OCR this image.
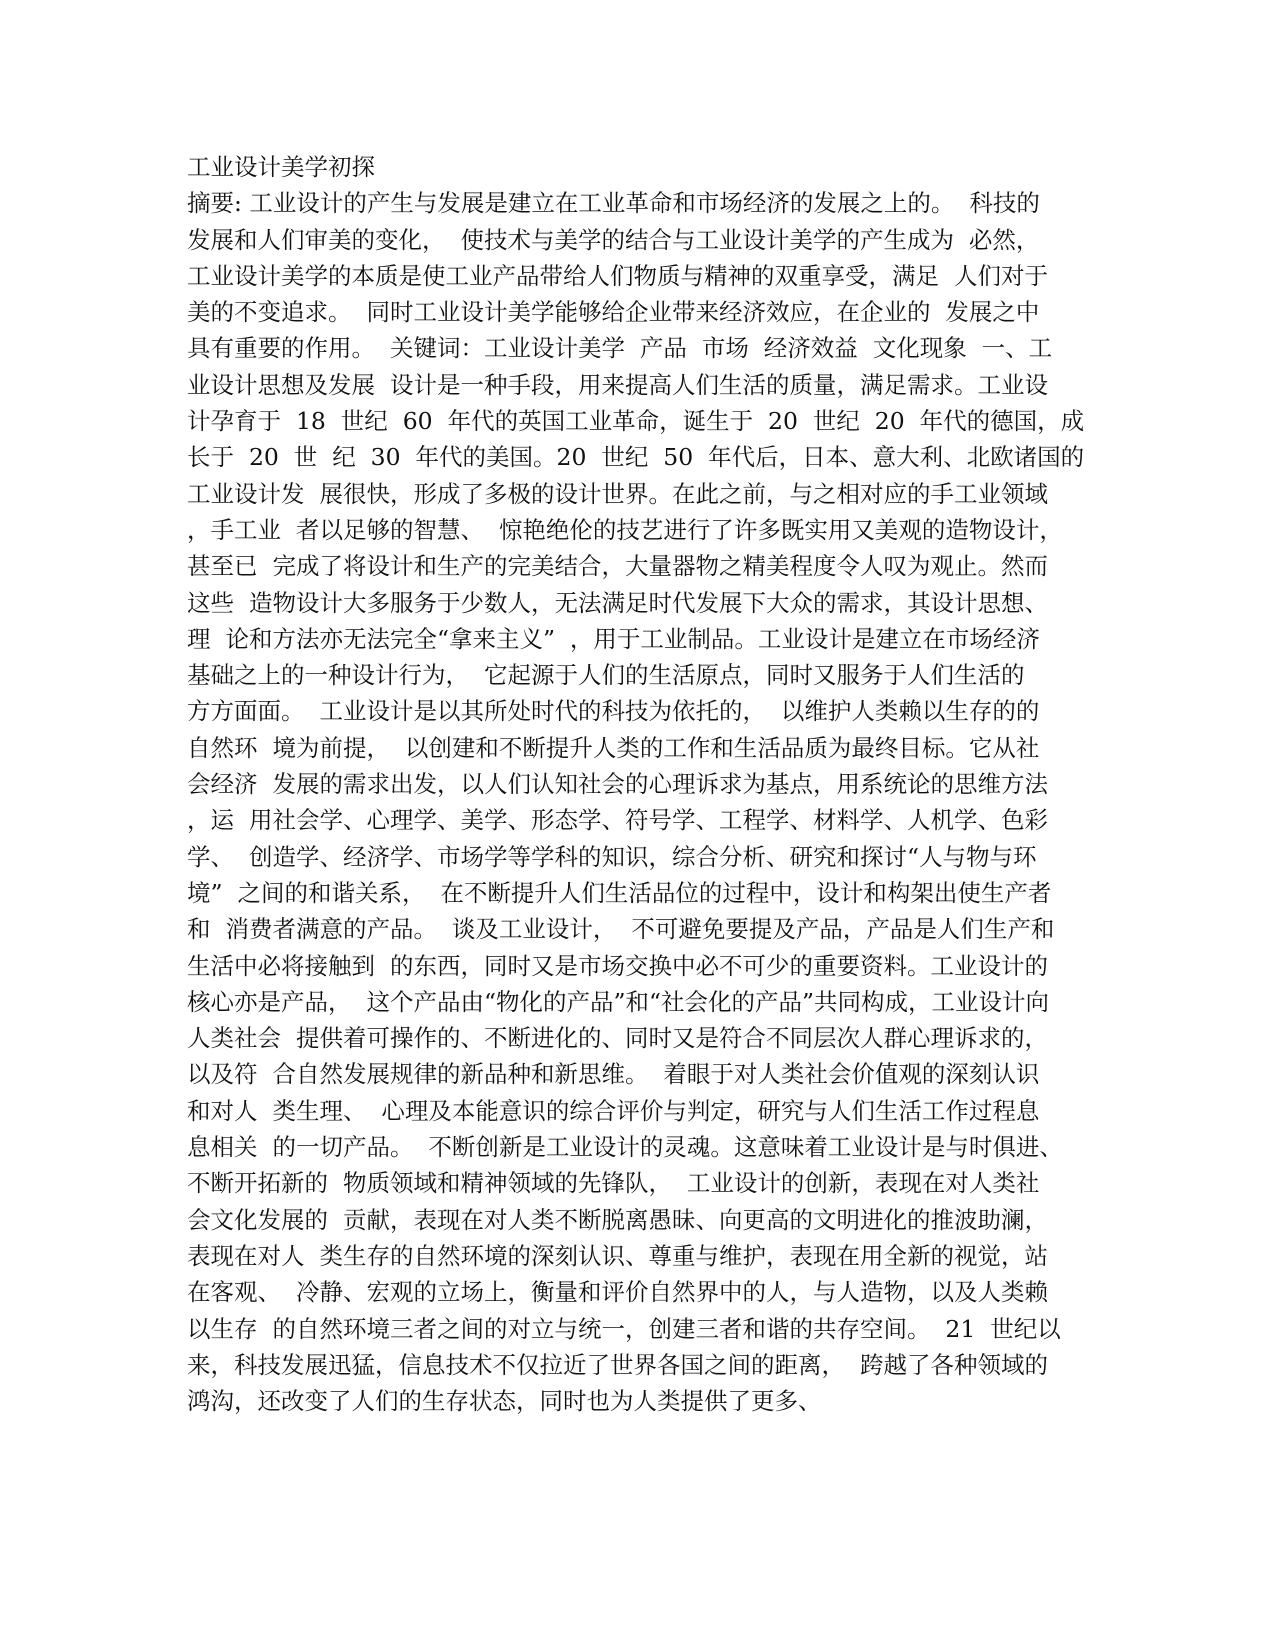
工业设计美学初探
摘要: 工业设计的产生与发展是建立在工业革命和市场经济的发展之上的。  科技的
发展和人们审美的变化，  使技术与美学的结合与工业设计美学的产生成为  必然，
工业设计美学的本质是使工业产品带给人们物质与精神的双重享受，满足  人们对于
美的不变追求。  同时工业设计美学能够给企业带来经济效应，在企业的  发展之中
具有重要的作用。  关键词：工业设计美学  产品  市场  经济效益  文化现象  一、工
业设计思想及发展  设计是一种手段，用来提高人们生活的质量，满足需求。工业设
计孕育于  18  世纪  60  年代的英国工业革命，诞生于  20  世纪  20  年代的德国，成
长于  20  世  纪  30  年代的美国。20  世纪  50  年代后，日本、意大利、北欧诸国的
工业设计发  展很快，形成了多极的设计世界。在此之前，与之相对应的手工业领域
，手工业  者以足够的智慧、  惊艳绝伦的技艺进行了许多既实用又美观的造物设计，
甚至已  完成了将设计和生产的完美结合，大量器物之精美程度令人叹为观止。然而
这些  造物设计大多服务于少数人，无法满足时代发展下大众的需求，其设计思想、
理  论和方法亦无法完全“拿来主义”  ，用于工业制品。工业设计是建立在市场经济
基础之上的一种设计行为，  它起源于人们的生活原点，同时又服务于人们生活的
方方面面。  工业设计是以其所处时代的科技为依托的，  以维护人类赖以生存的的
自然环  境为前提，  以创建和不断提升人类的工作和生活品质为最终目标。它从社
会经济  发展的需求出发，以人们认知社会的心理诉求为基点，用系统论的思维方法
，运  用社会学、心理学、美学、形态学、符号学、工程学、材料学、人机学、色彩
学、  创造学、经济学、市场学等学科的知识，综合分析、研究和探讨“人与物与环
境”  之间的和谐关系，  在不断提升人们生活品位的过程中，设计和构架出使生产者
和  消费者满意的产品。  谈及工业设计，  不可避免要提及产品，产品是人们生产和
生活中必将接触到  的东西，同时又是市场交换中必不可少的重要资料。工业设计的
核心亦是产品，  这个产品由“物化的产品”和“社会化的产品”共同构成，工业设计向
人类社会  提供着可操作的、不断进化的、同时又是符合不同层次人群心理诉求的，
以及符  合自然发展规律的新品种和新思维。  着眼于对人类社会价值观的深刻认识
和对人  类生理、  心理及本能意识的综合评价与判定，研究与人们生活工作过程息
息相关  的一切产品。  不断创新是工业设计的灵魂。这意味着工业设计是与时俱进、
不断开拓新的  物质领域和精神领域的先锋队，  工业设计的创新，表现在对人类社
会文化发展的  贡献，表现在对人类不断脱离愚昧、向更高的文明进化的推波助澜，
表现在对人  类生存的自然环境的深刻认识、尊重与维护，表现在用全新的视觉，站
在客观、  冷静、宏观的立场上，衡量和评价自然界中的人，与人造物，以及人类赖
以生存  的自然环境三者之间的对立与统一，创建三者和谐的共存空间。  21  世纪以
来，科技发展迅猛，信息技术不仅拉近了世界各国之间的距离，  跨越了各种领域的
鸿沟，还改变了人们的生存状态，同时也为人类提供了更多、
